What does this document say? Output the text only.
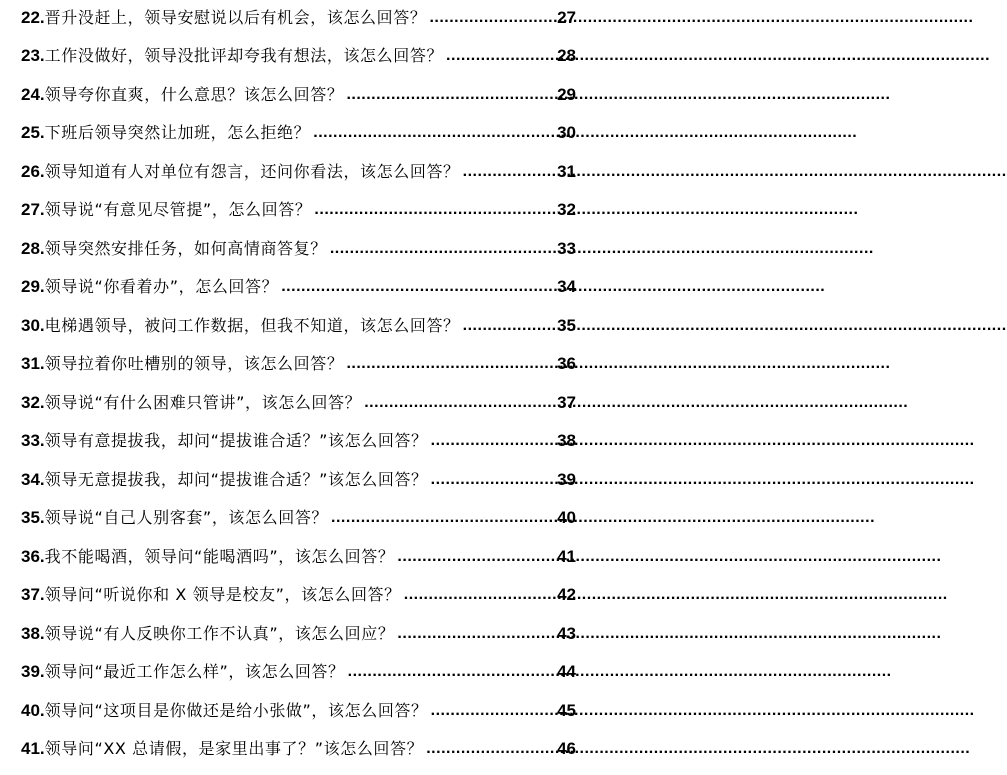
22. 晋升没赶上，领导安慰说以后有机会，该怎么回答？ .....	27
23. 工作没做好，领导没批评却夸我有想法，该怎么回答？ .....	28
24. 领导夸你直爽，什么意思？该怎么回答？ .....	29
25. 下班后领导突然让加班，怎么拒绝？ .....	30
26. 领导知道有人对单位有怨言，还问你看法，该怎么回答？ .....	31
27. 领导说“有意见尽管提”，怎么回答？ .....	32
28. 领导突然安排任务，如何高情商答复？ .....	33
29. 领导说“你看着办”，怎么回答？ .....	34
30. 电梯遇领导，被问工作数据，但我不知道，该怎么回答？ .....	35
31. 领导拉着你吐槽别的领导，该怎么回答？ .....	36
32. 领导说“有什么困难只管讲”，该怎么回答？ .....	37
33. 领导有意提拔我，却问“提拔谁合适？”该怎么回答？ .....	38
34. 领导无意提拔我，却问“提拔谁合适？”该怎么回答？ .....	39
35. 领导说“自己人别客套”，该怎么回答？ .....	40
36. 我不能喝酒，领导问“能喝酒吗”，该怎么回答？ .....	41
37. 领导问“听说你和 X 领导是校友”，该怎么回答？ .....	42
38. 领导说“有人反映你工作不认真”，该怎么回应？ .....	43
39. 领导问“最近工作怎么样”，该怎么回答？ .....	44
40. 领导问“这项目是你做还是给小张做”，该怎么回答？ .....	45
41. 领导问“XX 总请假，是家里出事了？”该怎么回答？ .....	46
